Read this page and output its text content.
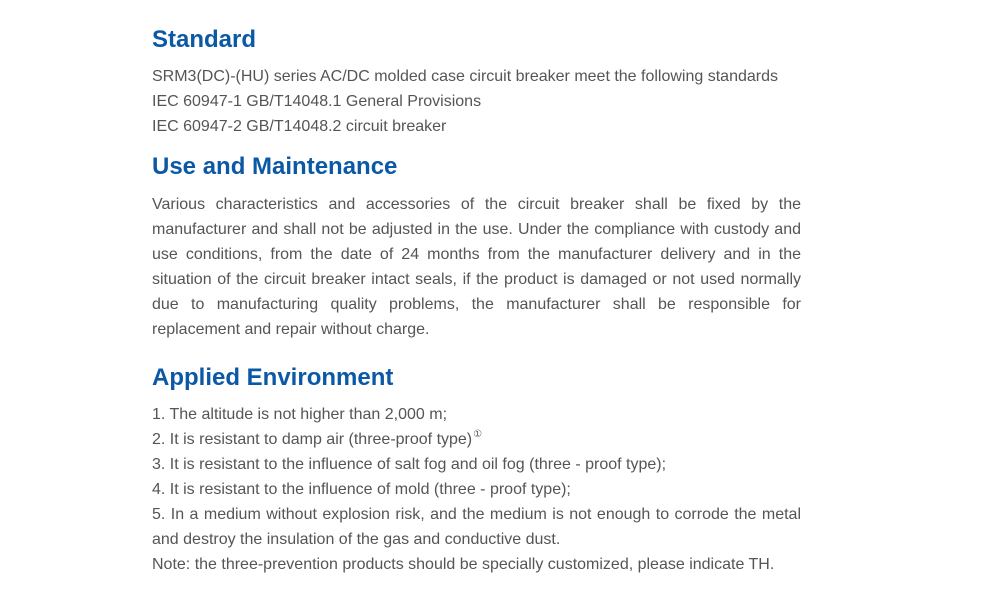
Standard
SRM3(DC)-(HU) series AC/DC molded case circuit breaker meet the following standards
IEC 60947-1 GB/T14048.1 General Provisions
IEC 60947-2 GB/T14048.2 circuit breaker
Use and Maintenance

Various characteristics and accessories of the circuit breaker shall be fixed by the manufacturer and shall not be adjusted in the use. Under the compliance with custody and use conditions, from the date of 24 months from the manufacturer delivery and in the situation of the circuit breaker intact seals, if the product is damaged or not used normally due to manufacturing quality problems, the manufacturer shall be responsible for replacement and repair without charge.

Applied Environment
1. The altitude is not higher than 2,000 m;
2. It is resistant to damp air (three-proof type)①
3. It is resistant to the influence of salt fog and oil fog (three - proof type);
4. It is resistant to the influence of mold (three - proof type);

5. In a medium without explosion risk, and the medium is not enough to corrode the metal and destroy the insulation of the gas and conductive dust.

Note: the three-prevention products should be specially customized, please indicate TH.
